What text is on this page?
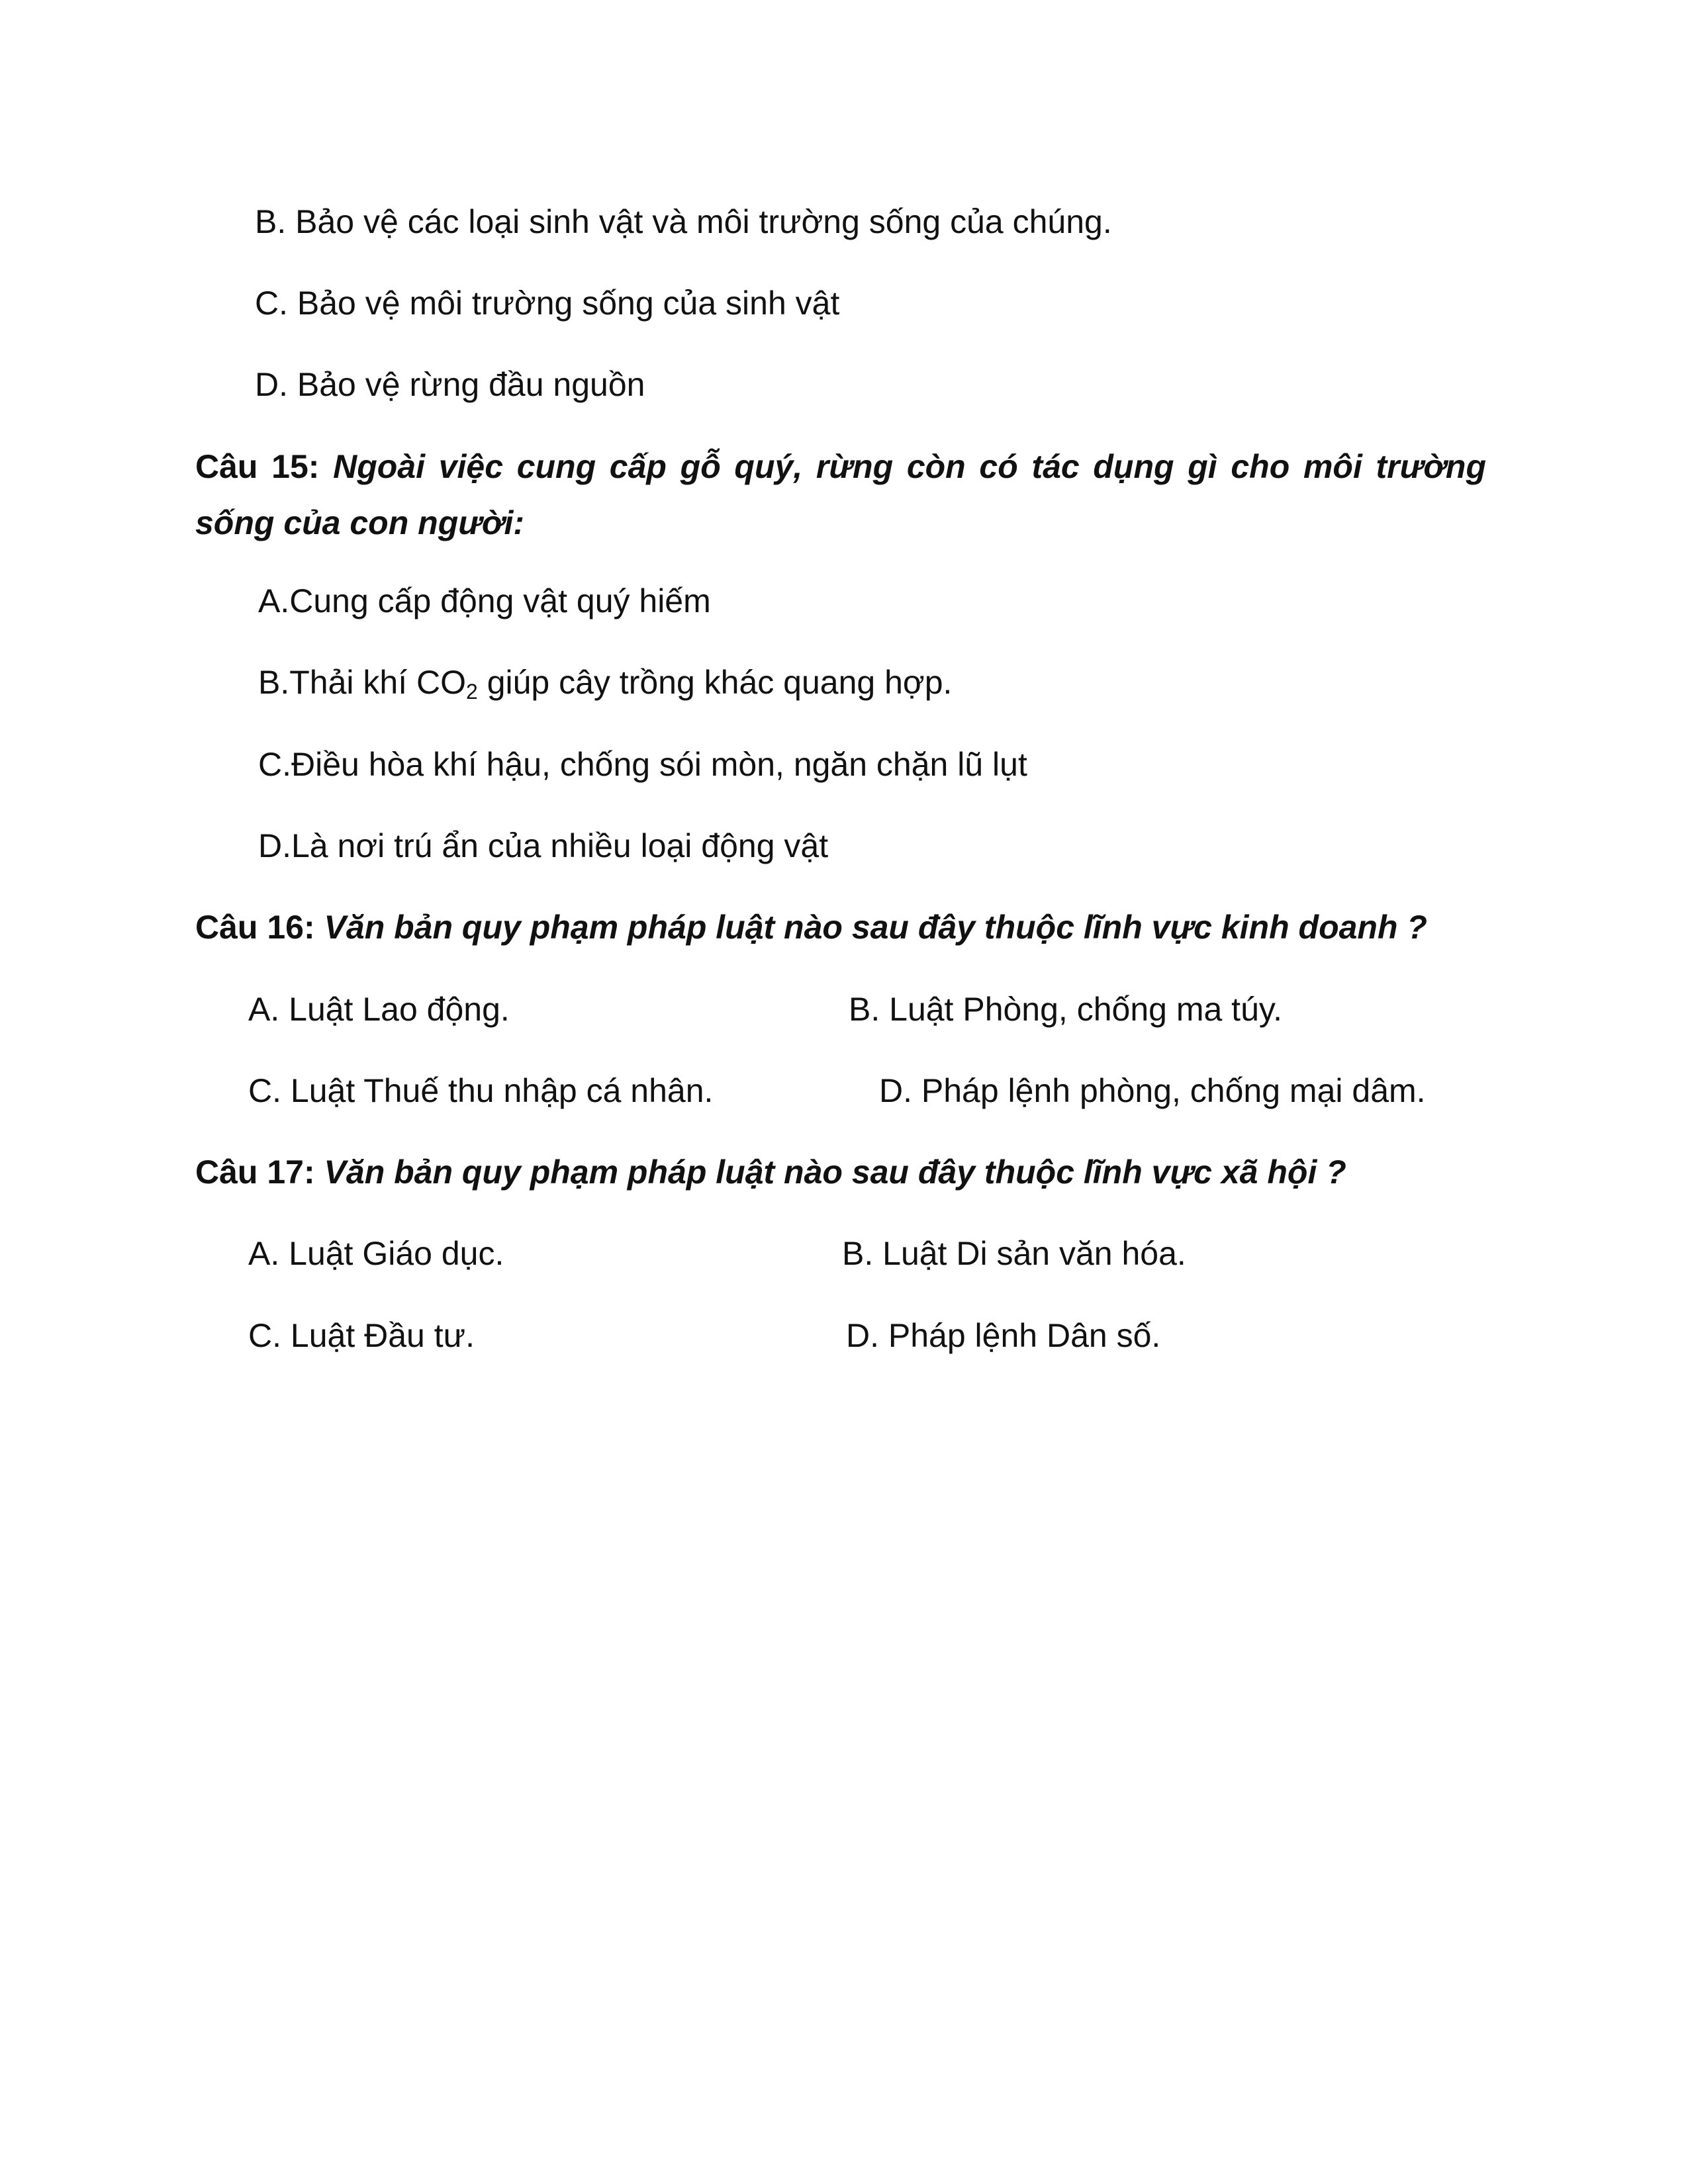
B. Bảo vệ các loại sinh vật và môi trường sống của chúng.
C. Bảo vệ môi trường sống của sinh vật
D. Bảo vệ rừng đầu nguồn
Câu 15: Ngoài việc cung cấp gỗ quý, rừng còn có tác dụng gì cho môi trường
sống của con người:
A.Cung cấp động vật quý hiếm
B.Thải khí $CO_2$ giúp cây trồng khác quang hợp.
C.Điều hòa khí hậu, chống sói mòn, ngăn chặn lũ lụt
D.Là nơi trú ẩn của nhiều loại động vật
Câu 16: Văn bản quy phạm pháp luật nào sau đây thuộc lĩnh vực kinh doanh ?
A. Luật Lao động.	B. Luật Phòng, chống ma túy.
C. Luật Thuế thu nhập cá nhân.	D. Pháp lệnh phòng, chống mại dâm.
Câu 17: Văn bản quy phạm pháp luật nào sau đây thuộc lĩnh vực xã hội ?
A. Luật Giáo dục.	B. Luật Di sản văn hóa.
C. Luật Đầu tư.	D. Pháp lệnh Dân số.
